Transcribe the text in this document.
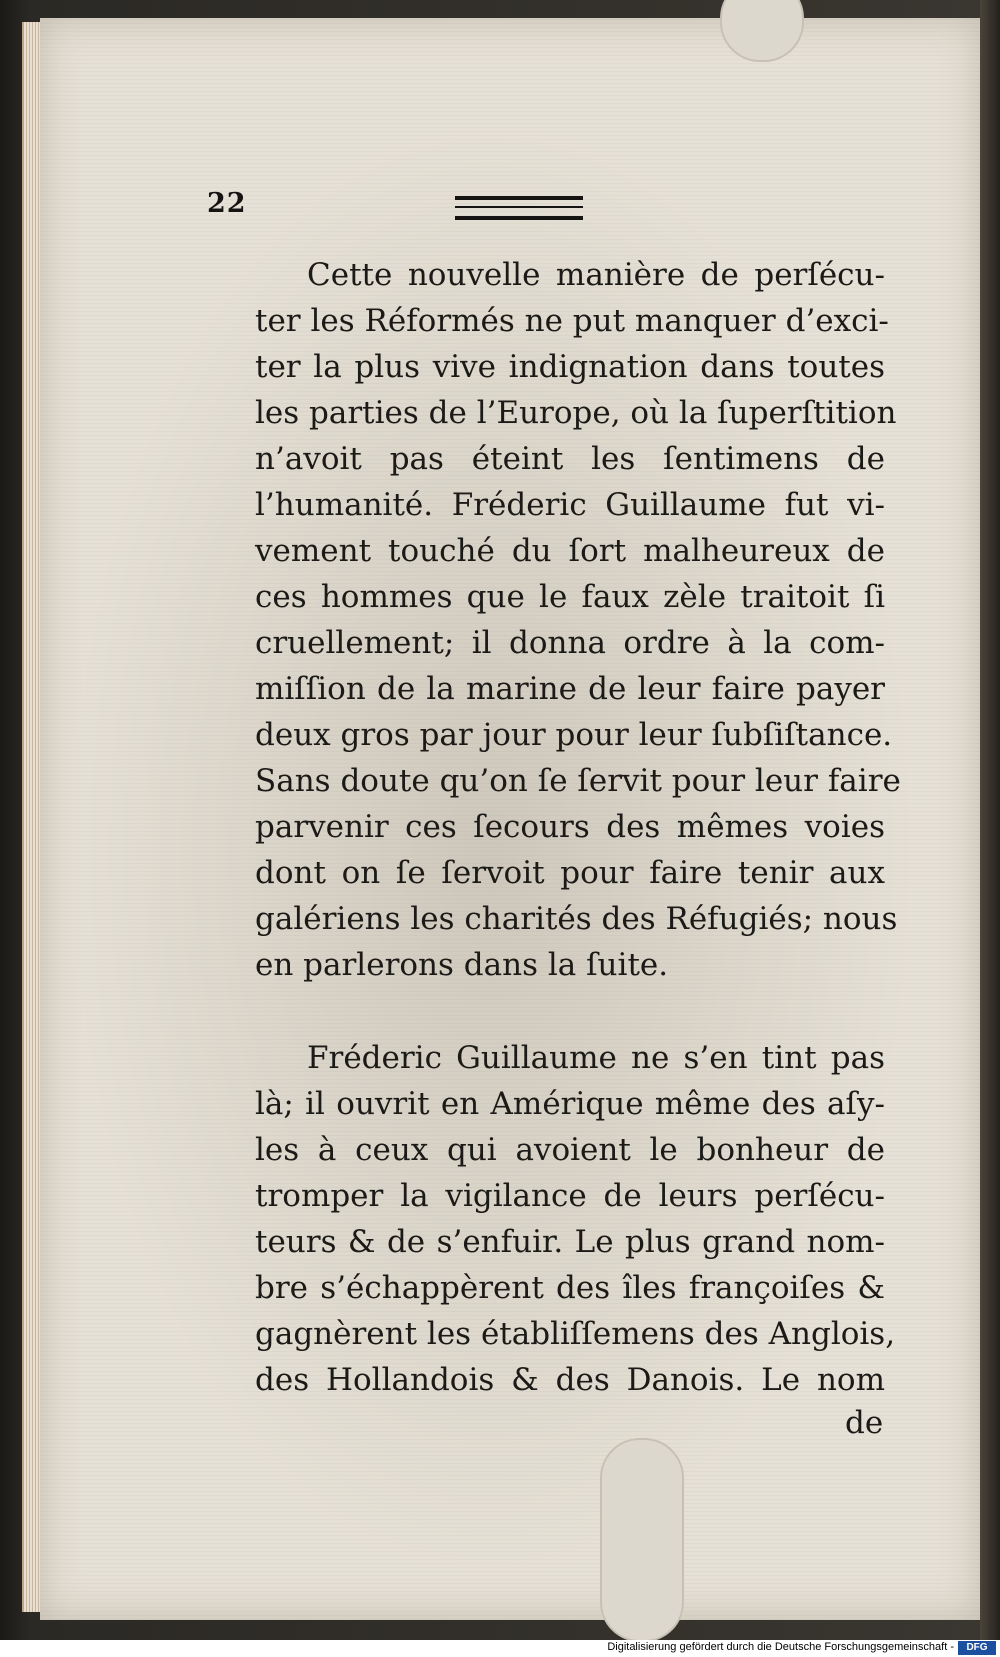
22
Cette nouvelle manière de perſécu-
ter les Réformés ne put manquer d’exci-
ter la plus vive indignation dans toutes
les parties de l’Europe, où la ſuperſtition
n’avoit pas éteint les ſentimens de
l’humanité. Fréderic Guillaume fut vi-
vement touché du ſort malheureux de
ces hommes que le faux zèle traitoit ſi
cruellement; il donna ordre à la com-
miſſion de la marine de leur faire payer
deux gros par jour pour leur ſubſiſtance.
Sans doute qu’on ſe ſervit pour leur faire
parvenir ces ſecours des mêmes voies
dont on ſe ſervoit pour faire tenir aux
galériens les charités des Réfugiés; nous
en parlerons dans la ſuite.
Fréderic Guillaume ne s’en tint pas
là; il ouvrit en Amérique même des aſy-
les à ceux qui avoient le bonheur de
tromper la vigilance de leurs perſécu-
teurs & de s’enfuir. Le plus grand nom-
bre s’échappèrent des îles françoiſes &
gagnèrent les établiſſemens des Anglois,
des Hollandois & des Danois. Le nom
de
Digitalisierung gefördert durch die Deutsche Forschungsgemeinschaft -	DFG
